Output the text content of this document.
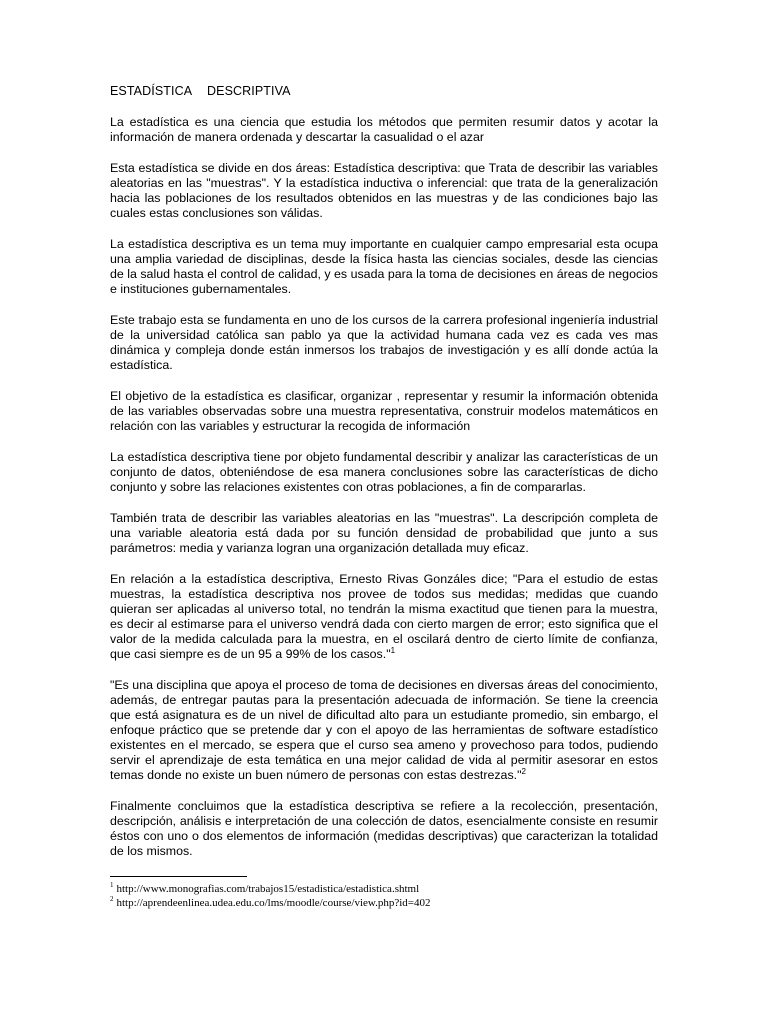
ESTADÍSTICA DESCRIPTIVA

La estadística es una ciencia que estudia los métodos que permiten resumir datos y acotar la información de manera ordenada y descartar la casualidad o el azar

Esta estadística se divide en dos áreas: Estadística descriptiva: que Trata de describir las variables aleatorias en las "muestras". Y la estadística inductiva o inferencial: que trata de la generalización hacia las poblaciones de los resultados obtenidos en las muestras y de las condiciones bajo las cuales estas conclusiones son válidas.

La estadística descriptiva es un tema muy importante en cualquier campo empresarial esta ocupa una amplia variedad de disciplinas, desde la física hasta las ciencias sociales, desde las ciencias de la salud hasta el control de calidad, y es usada para la toma de decisiones en áreas de negocios e instituciones gubernamentales.

Este trabajo esta se fundamenta en uno de los cursos de la carrera profesional ingeniería industrial de la universidad católica san pablo ya que la actividad humana cada vez es cada ves mas dinámica y compleja donde están inmersos los trabajos de investigación y es allí donde actúa la estadística.

El objetivo de la estadística es clasificar, organizar , representar y resumir la información obtenida de las variables observadas sobre una muestra representativa, construir modelos matemáticos en relación con las variables y estructurar la recogida de información

La estadística descriptiva tiene por objeto fundamental describir y analizar las características de un conjunto de datos, obteniéndose de esa manera conclusiones sobre las características de dicho conjunto y sobre las relaciones existentes con otras poblaciones, a fin de compararlas.

También trata de describir las variables aleatorias en las "muestras". La descripción completa de una variable aleatoria está dada por su función densidad de probabilidad que junto a sus parámetros: media y varianza logran una organización detallada muy eficaz.

En relación a la estadística descriptiva, Ernesto Rivas Gonzáles dice; "Para el estudio de estas muestras, la estadística descriptiva nos provee de todos sus medidas; medidas que cuando quieran ser aplicadas al universo total, no tendrán la misma exactitud que tienen para la muestra, es decir al estimarse para el universo vendrá dada con cierto margen de error; esto significa que el valor de la medida calculada para la muestra, en el oscilará dentro de cierto límite de confianza, que casi siempre es de un 95 a 99% de los casos."$^1$

"Es una disciplina que apoya el proceso de toma de decisiones en diversas áreas del conocimiento, además, de entregar pautas para la presentación adecuada de información. Se tiene la creencia que está asignatura es de un nivel de dificultad alto para un estudiante promedio, sin embargo, el enfoque práctico que se pretende dar y con el apoyo de las herramientas de software estadístico existentes en el mercado, se espera que el curso sea ameno y provechoso para todos, pudiendo servir el aprendizaje de esta temática en una mejor calidad de vida al permitir asesorar en estos temas donde no existe un buen número de personas con estas destrezas."$^2$

Finalmente concluimos que la estadística descriptiva se refiere a la recolección, presentación, descripción, análisis e interpretación de una colección de datos, esencialmente consiste en resumir éstos con uno o dos elementos de información (medidas descriptivas) que caracterizan la totalidad de los mismos.

$^1$ http://www.monografias.com/trabajos15/estadistica/estadistica.shtml
$^2$ http://aprendeenlinea.udea.edu.co/lms/moodle/course/view.php?id=402
